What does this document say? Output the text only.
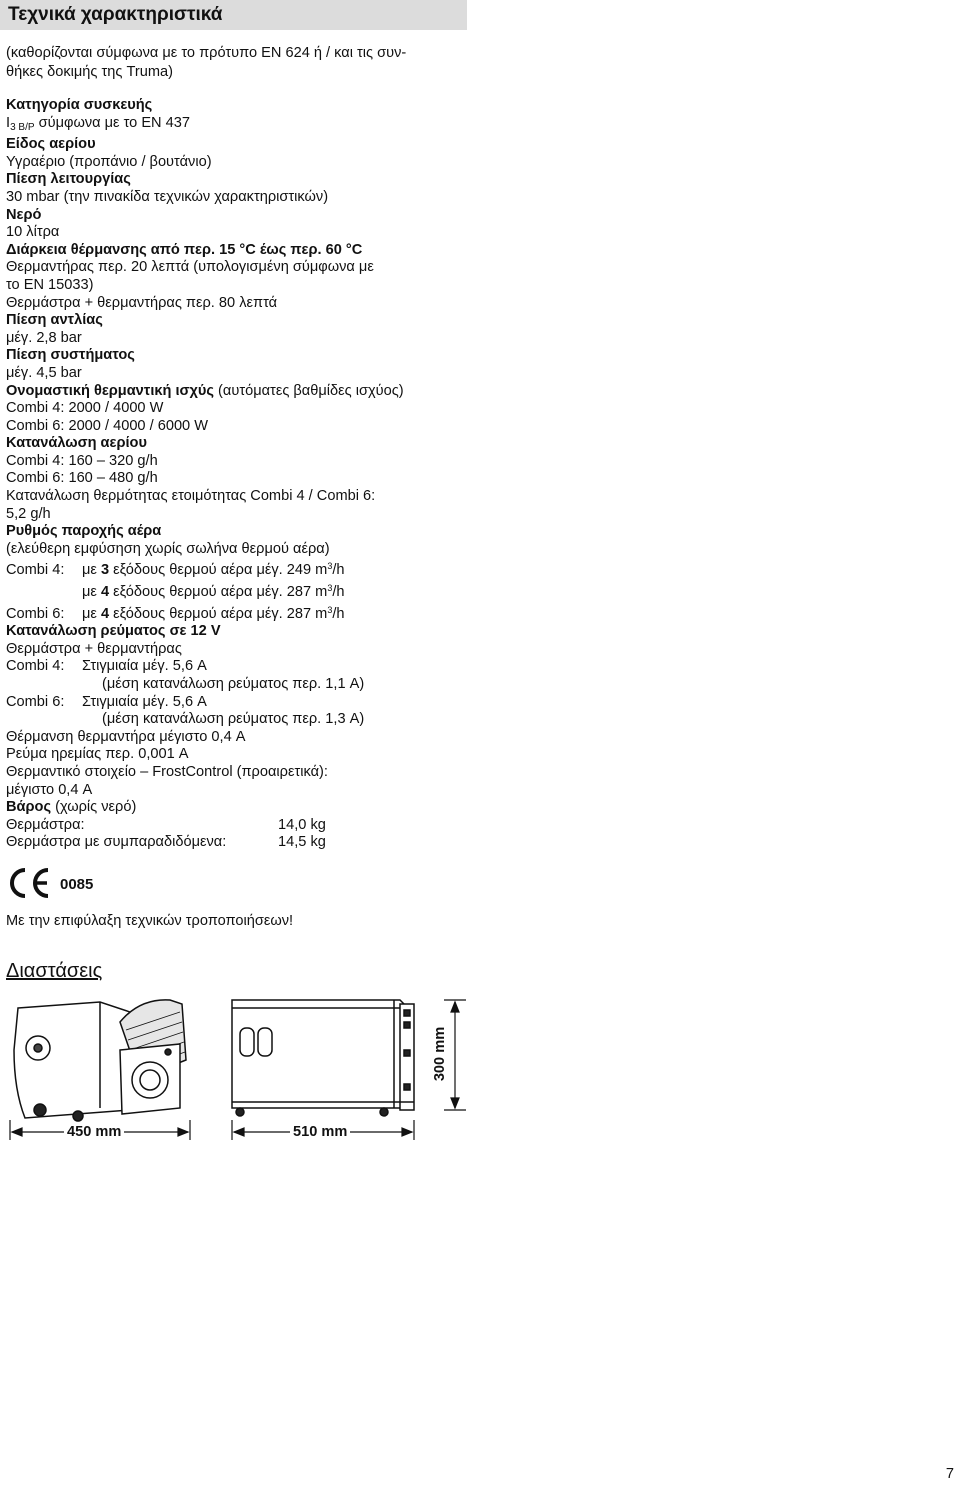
Τεχνικά χαρακτηριστικά
(καθορίζονται σύμφωνα με το πρότυπο EN 624 ή / και τις συν-
θήκες δοκιμής της Truma)
Κατηγορία συσκευής
$I_{3 B/P}$ σύμφωνα με το EN 437
Είδος αερίου
Υγραέριο (προπάνιο / βουτάνιο)
Πίεση λειτουργίας
30 mbar (την πινακίδα τεχνικών χαρακτηριστικών)
Νερό
10 λίτρα
Διάρκεια θέρμανσης από περ. 15 °C έως περ. 60 °C
Θερμαντήρας περ. 20 λεπτά (υπολογισμένη σύμφωνα με
το EN 15033)
Θερμάστρα + θερμαντήρας περ. 80 λεπτά
Πίεση αντλίας
μέγ. 2,8 bar
Πίεση συστήματος
μέγ. 4,5 bar
Ονομαστική θερμαντική ισχύς (αυτόματες βαθμίδες ισχύος)
Combi 4: 2000 / 4000 W
Combi 6: 2000 / 4000 / 6000 W
Κατανάλωση αερίου
Combi 4: 160 – 320 g/h
Combi 6: 160 – 480 g/h
Κατανάλωση θερμότητας ετοιμότητας Combi 4 / Combi 6:
5,2 g/h
Ρυθμός παροχής αέρα
(ελεύθερη εμφύσηση χωρίς σωλήνα θερμού αέρα)
Combi 4: με 3 εξόδους θερμού αέρα μέγ. 249 $m^3/h$
με 4 εξόδους θερμού αέρα μέγ. 287 $m^3/h$
Combi 6: με 4 εξόδους θερμού αέρα μέγ. 287 $m^3/h$
Κατανάλωση ρεύματος σε 12 V
Θερμάστρα + θερμαντήρας
Combi 4: Στιγμιαία μέγ. 5,6 A
(μέση κατανάλωση ρεύματος περ. 1,1 A)
Combi 6: Στιγμιαία μέγ. 5,6 A
(μέση κατανάλωση ρεύματος περ. 1,3 A)
Θέρμανση θερμαντήρα μέγιστο 0,4 A
Ρεύμα ηρεμίας περ. 0,001 A
Θερμαντικό στοιχείο – FrostControl (προαιρετικά):
μέγιστο 0,4 A
Βάρος (χωρίς νερό)
Θερμάστρα:	14,0 kg
Θερμάστρα με συμπαραδιδόμενα:	14,5 kg
0085
Με την επιφύλαξη τεχνικών τροποποιήσεων!
Διαστάσεις
450 mm	510 mm
300 mm
7
